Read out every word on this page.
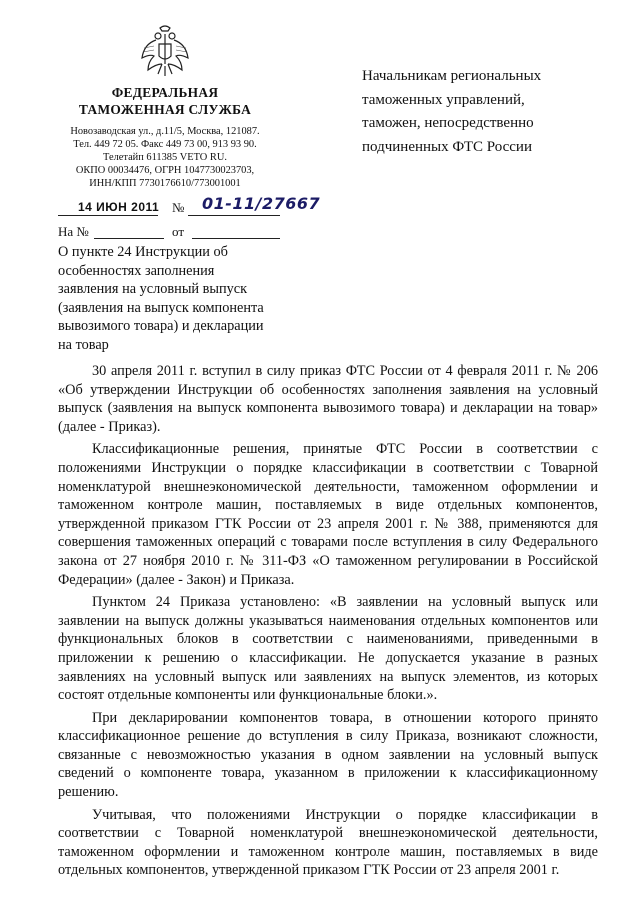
ФЕДЕРАЛЬНАЯ
ТАМОЖЕННАЯ СЛУЖБА
Новозаводская ул., д.11/5, Москва, 121087.
Тел. 449 72 05. Факс 449 73 00, 913 93 90.
Телетайп 611385 VETO RU.
ОКПО 00034476, ОГРН 1047730023703,
ИНН/КПП 7730176610/773001001
Начальникам региональных
таможенных управлений,
таможен, непосредственно
подчиненных ФТС России
14 ИЮН 2011 № 01-11/27667
На №	от
О пункте 24 Инструкции об
особенностях заполнения
заявления на условный выпуск
(заявления на выпуск компонента
вывозимого товара) и декларации
на товар

30 апреля 2011 г. вступил в силу приказ ФТС России от 4 февраля 2011 г. № 206 «Об утверждении Инструкции об особенностях заполнения заявления на условный выпуск (заявления на выпуск компонента вывозимого товара) и декларации на товар» (далее - Приказ).

Классификационные решения, принятые ФТС России в соответствии с положениями Инструкции о порядке классификации в соответствии с Товарной номенклатурой внешнеэкономической деятельности, таможенном оформлении и таможенном контроле машин, поставляемых в виде отдельных компонентов, утвержденной приказом ГТК России от 23 апреля 2001 г. № 388, применяются для совершения таможенных операций с товарами после вступления в силу Федерального закона от 27 ноября 2010 г. № 311-ФЗ «О таможенном регулировании в Российской Федерации» (далее - Закон) и Приказа.

Пунктом 24 Приказа установлено: «В заявлении на условный выпуск или заявлении на выпуск должны указываться наименования отдельных компонентов или функциональных блоков в соответствии с наименованиями, приведенными в приложении к решению о классификации. Не допускается указание в разных заявлениях на условный выпуск или заявлениях на выпуск элементов, из которых состоят отдельные компоненты или функциональные блоки.».

При декларировании компонентов товара, в отношении которого принято классификационное решение до вступления в силу Приказа, возникают сложности, связанные с невозможностью указания в одном заявлении на условный выпуск сведений о компоненте товара, указанном в приложении к классификационному решению.

Учитывая, что положениями Инструкции о порядке классификации в соответствии с Товарной номенклатурой внешнеэкономической деятельности, таможенном оформлении и таможенном контроле машин, поставляемых в виде отдельных компонентов, утвержденной приказом ГТК России от 23 апреля 2001 г.
